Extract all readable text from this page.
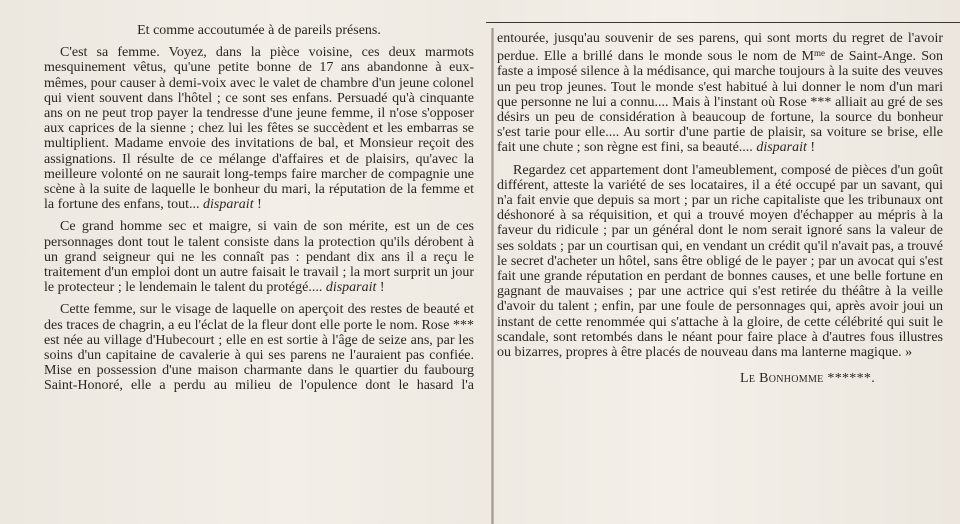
Et comme accoutumée à de pareils présens.

C'est sa femme. Voyez, dans la pièce voisine, ces deux marmots mesquinement vêtus, qu'une petite bonne de 17 ans abandonne à eux-mêmes, pour causer à demi-voix avec le valet de chambre d'un jeune colonel qui vient souvent dans l'hôtel ; ce sont ses enfans. Persuadé qu'à cinquante ans on ne peut trop payer la tendresse d'une jeune femme, il n'ose s'opposer aux caprices de la sienne ; chez lui les fêtes se succèdent et les embarras se multiplient. Madame envoie des invitations de bal, et Monsieur reçoit des assignations. Il résulte de ce mélange d'affaires et de plaisirs, qu'avec la meilleure volonté on ne saurait long-temps faire marcher de compagnie une scène à la suite de laquelle le bonheur du mari, la réputation de la femme et la fortune des enfans, tout... disparait !

Ce grand homme sec et maigre, si vain de son mérite, est un de ces personnages dont tout le talent consiste dans la protection qu'ils dérobent à un grand seigneur qui ne les connaît pas : pendant dix ans il a reçu le traitement d'un emploi dont un autre faisait le travail ; la mort surprit un jour le protecteur ; le lendemain le talent du protégé.... disparait !

Cette femme, sur le visage de laquelle on aperçoit des restes de beauté et des traces de chagrin, a eu l'éclat de la fleur dont elle porte le nom. Rose *** est née au village d'Hubecourt ; elle en est sortie à l'âge de seize ans, par les soins d'un capitaine de cavalerie à qui ses parens ne l'auraient pas confiée. Mise en possession d'une maison charmante dans le quartier du faubourg Saint-Honoré, elle a perdu au milieu de l'opulence dont le hasard l'a

entourée, jusqu'au souvenir de ses parens, qui sont morts du regret de l'avoir perdue. Elle a brillé dans le monde sous le nom de $M^{me}$ de Saint-Ange. Son faste a imposé silence à la médisance, qui marche toujours à la suite des veuves un peu trop jeunes. Tout le monde s'est habitué à lui donner le nom d'un mari que personne ne lui a connu.... Mais à l'instant où Rose *** alliait au gré de ses désirs un peu de considération à beaucoup de fortune, la source du bonheur s'est tarie pour elle.... Au sortir d'une partie de plaisir, sa voiture se brise, elle fait une chute ; son règne est fini, sa beauté.... disparait !

Regardez cet appartement dont l'ameublement, composé de pièces d'un goût différent, atteste la variété de ses locataires, il a été occupé par un savant, qui n'a fait envie que depuis sa mort ; par un riche capitaliste que les tribunaux ont déshonoré à sa réquisition, et qui a trouvé moyen d'échapper au mépris à la faveur du ridicule ; par un général dont le nom serait ignoré sans la valeur de ses soldats ; par un courtisan qui, en vendant un crédit qu'il n'avait pas, a trouvé le secret d'acheter un hôtel, sans être obligé de le payer ; par un avocat qui s'est fait une grande réputation en perdant de bonnes causes, et une belle fortune en gagnant de mauvaises ; par une actrice qui s'est retirée du théâtre à la veille d'avoir du talent ; enfin, par une foule de personnages qui, après avoir joui un instant de cette renommée qui s'attache à la gloire, de cette célébrité qui suit le scandale, sont retombés dans le néant pour faire place à d'autres fous illustres ou bizarres, propres à être placés de nouveau dans ma lanterne magique. »

Le Bonhomme ******.
